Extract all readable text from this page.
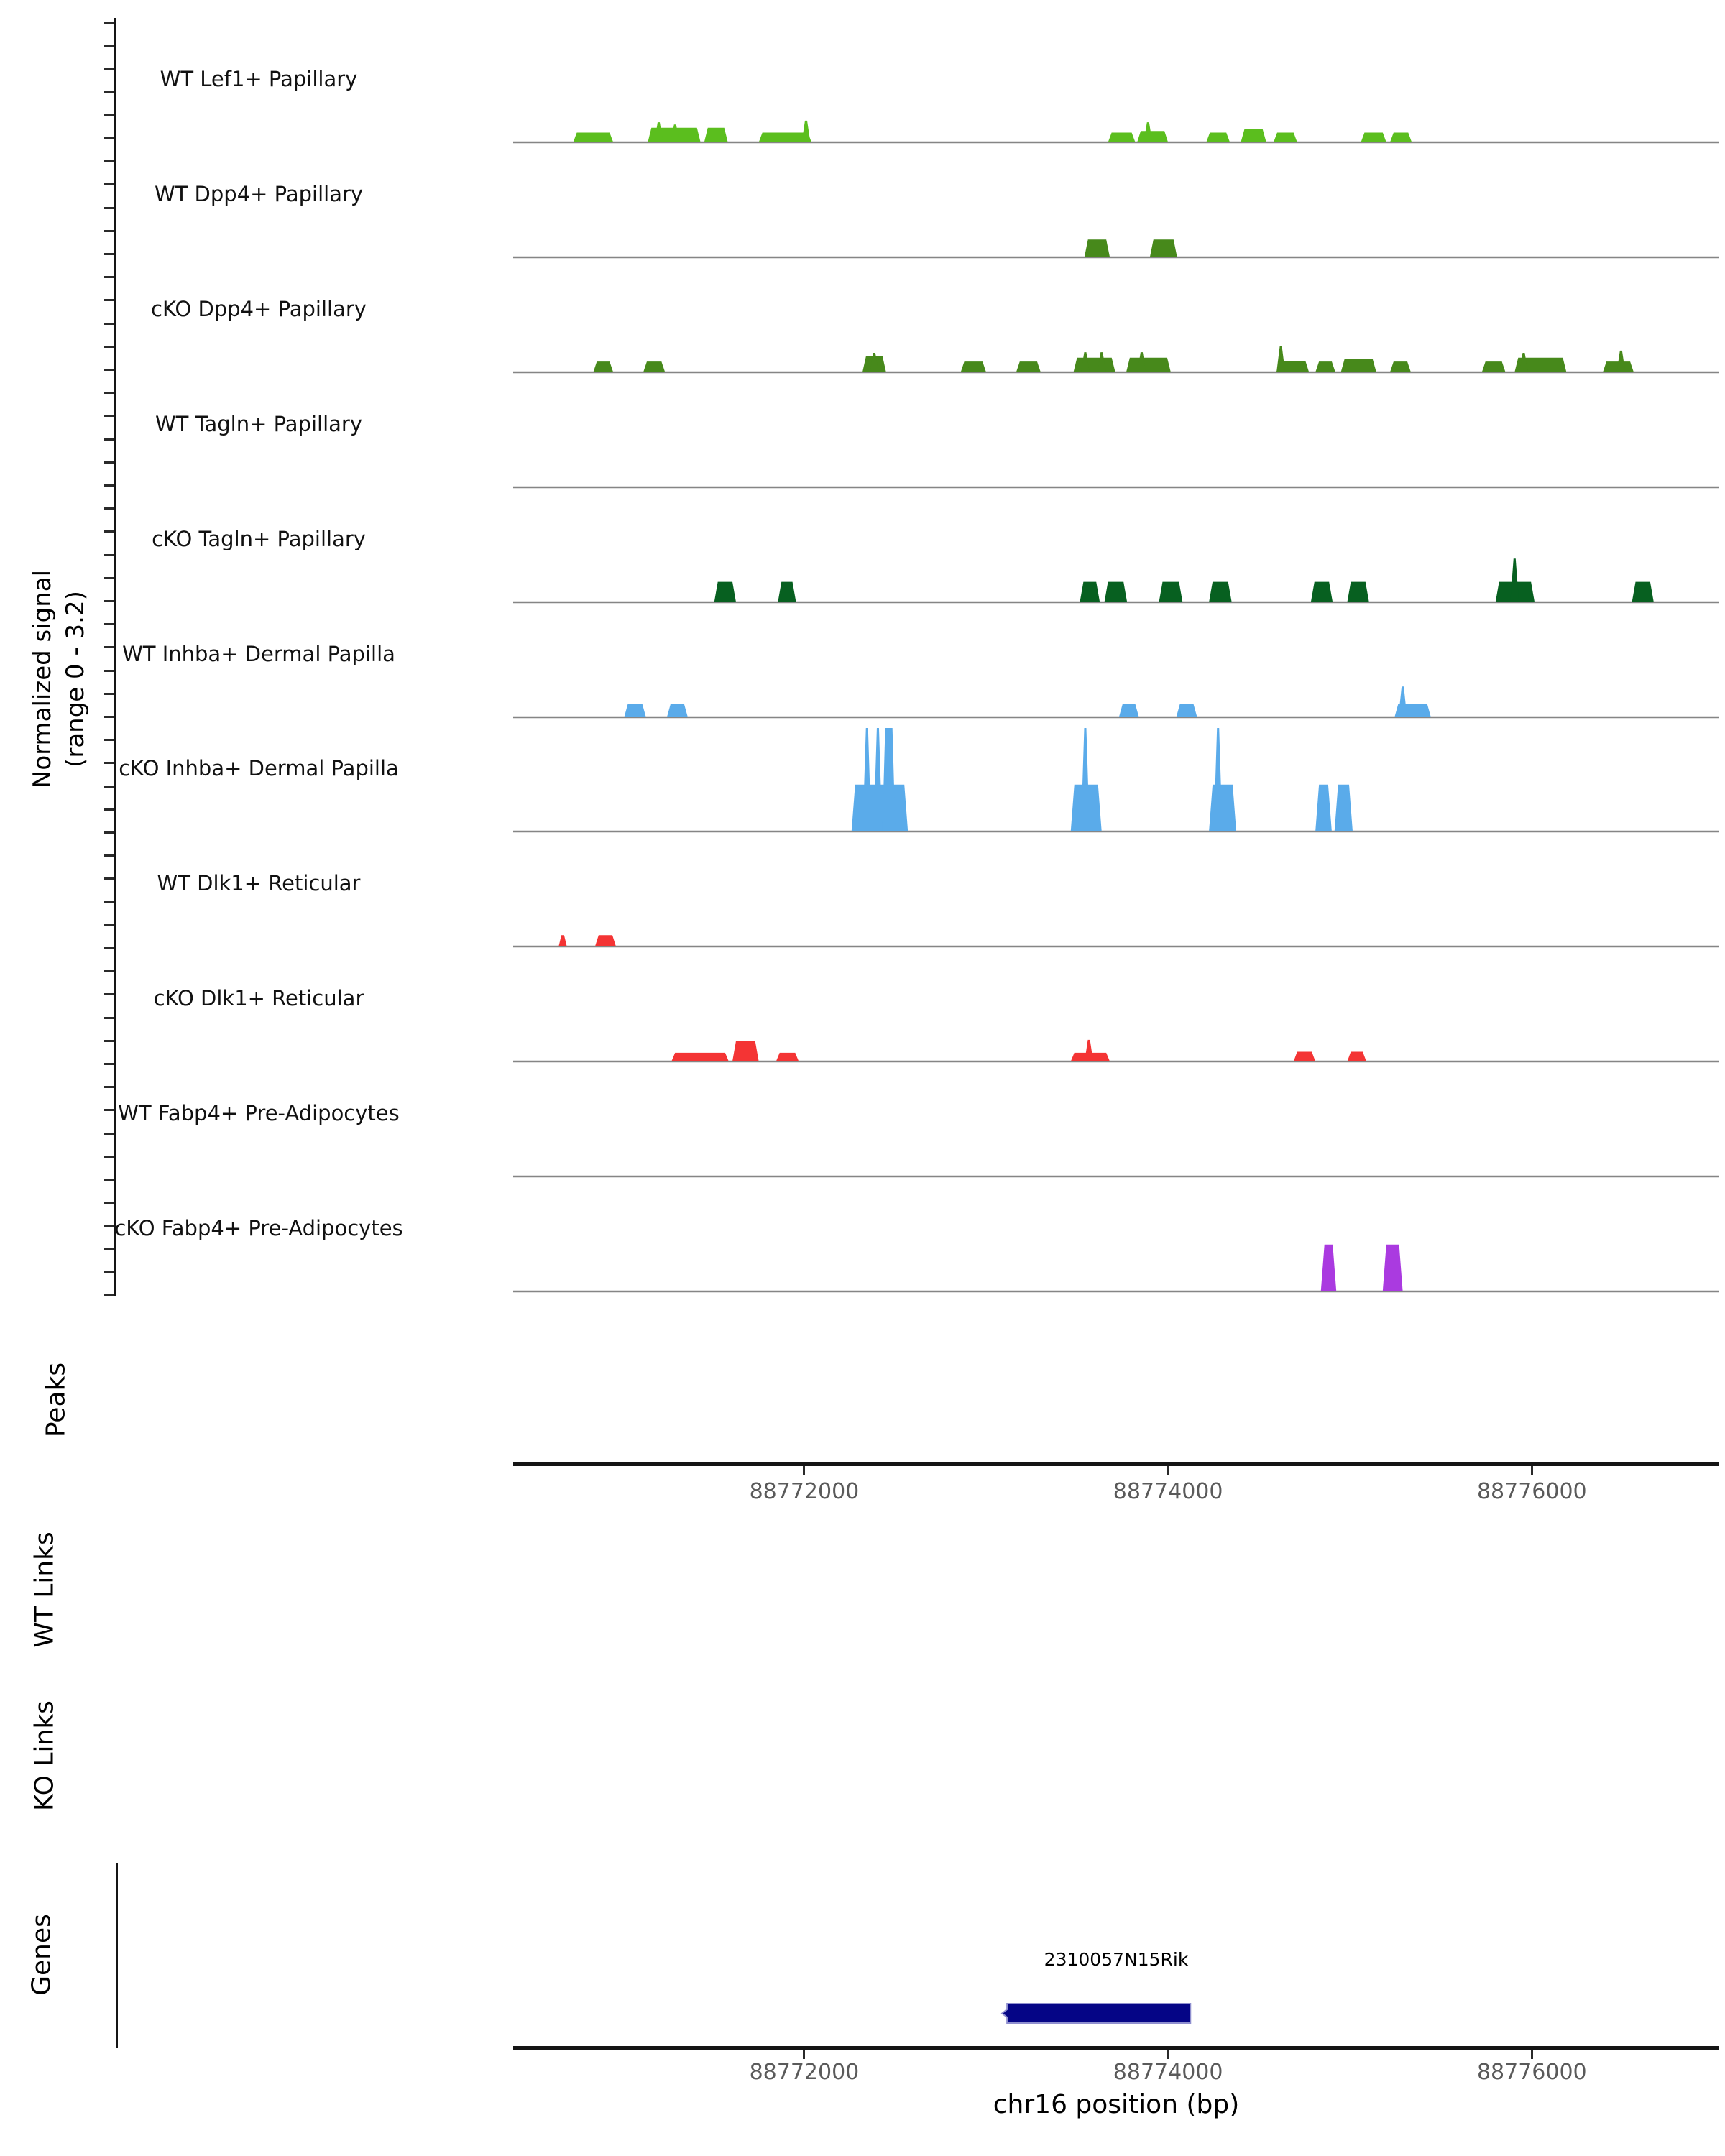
Normalized signal (range 0 - 3.2)
Peaks
WT Links
KO Links
Genes
WT Lef1+ Papillary
WT Dpp4+ Papillary
cKO Dpp4+ Papillary
WT Tagln+ Papillary
cKO Tagln+ Papillary
WT Inhba+ Dermal Papilla
cKO Inhba+ Dermal Papilla
WT Dlk1+ Reticular
cKO Dlk1+ Reticular
WT Fabp4+ Pre-Adipocytes
cKO Fabp4+ Pre-Adipocytes
88772000	88774000	88776000
2310057N15Rik
88772000	88774000	88776000
chr16 position (bp)
